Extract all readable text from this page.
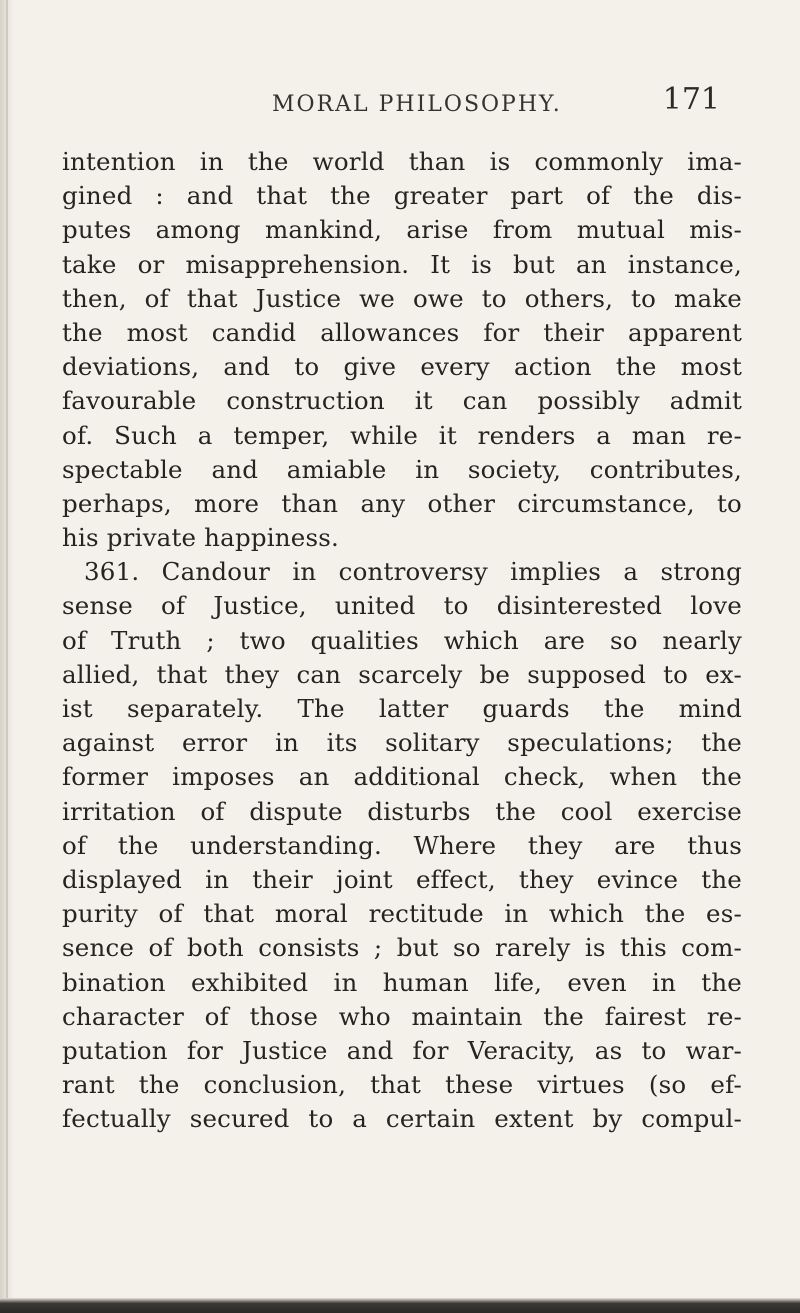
MORAL PHILOSOPHY.	171
intention in the world than is commonly ima-
gined : and that the greater part of the dis-
putes among mankind, arise from mutual mis-
take or misapprehension. It is but an instance,
then, of that Justice we owe to others, to make
the most candid allowances for their apparent
deviations, and to give every action the most
favourable construction it can possibly admit
of. Such a temper, while it renders a man re-
spectable and amiable in society, contributes,
perhaps, more than any other circumstance, to
his private happiness.
361. Candour in controversy implies a strong
sense of Justice, united to disinterested love
of Truth ; two qualities which are so nearly
allied, that they can scarcely be supposed to ex-
ist separately. The latter guards the mind
against error in its solitary speculations; the
former imposes an additional check, when the
irritation of dispute disturbs the cool exercise
of the understanding. Where they are thus
displayed in their joint effect, they evince the
purity of that moral rectitude in which the es-
sence of both consists ; but so rarely is this com-
bination exhibited in human life, even in the
character of those who maintain the fairest re-
putation for Justice and for Veracity, as to war-
rant the conclusion, that these virtues (so ef-
fectually secured to a certain extent by compul-
